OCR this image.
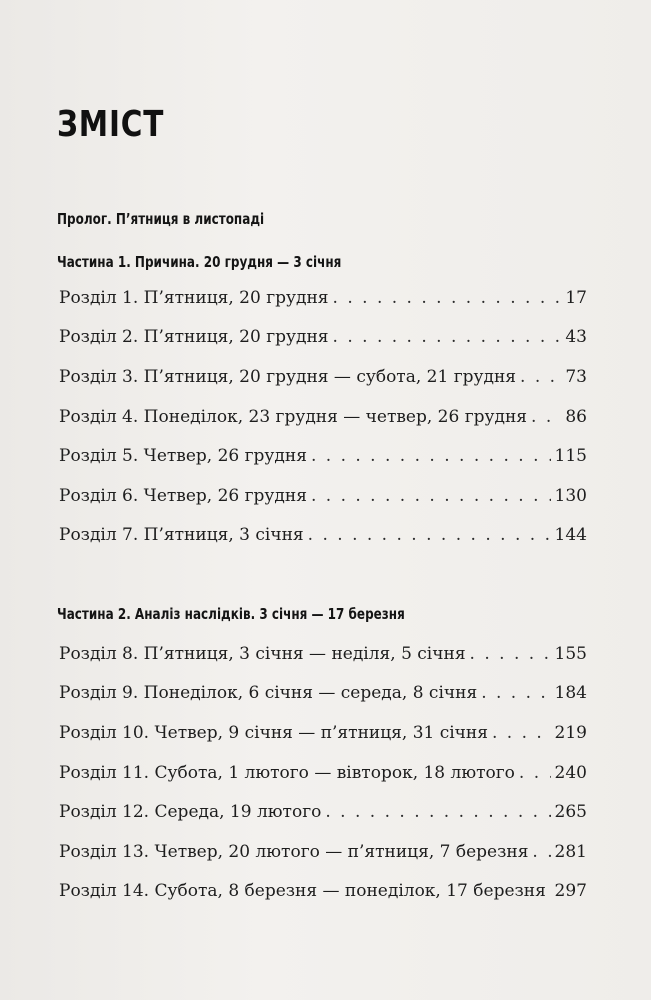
ЗМІСТ
Пролог. П’ятниця в листопаді
Частина 1. Причина. 20 грудня — 3 січня
Розділ 1. П’ятниця, 20 грудня . . .	17
Розділ 2. П’ятниця, 20 грудня . . .	43
Розділ 3. П’ятниця, 20 грудня — субота, 21 грудня . . .	73
Розділ 4. Понеділок, 23 грудня — четвер, 26 грудня . . . 86
Розділ 5. Четвер, 26 грудня . . .	115
Розділ 6. Четвер, 26 грудня . . .	130
Розділ 7. П’ятниця, 3 січня . . .	144
Частина 2. Аналіз наслідків. 3 січня — 17 березня
Розділ 8. П’ятниця, 3 січня — неділя, 5 січня . . .	155
Розділ 9. Понеділок, 6 січня — середа, 8 січня . . .	184
Розділ 10. Четвер, 9 січня — п’ятниця, 31 січня . . .	219
Розділ 11. Субота, 1 лютого — вівторок, 18 лютого . . . 240
Розділ 12. Середа, 19 лютого . . .	265
Розділ 13. Четвер, 20 лютого — п’ятниця, 7 березня . . . 281
Розділ 14. Субота, 8 березня — понеділок, 17 березня . . . 297
